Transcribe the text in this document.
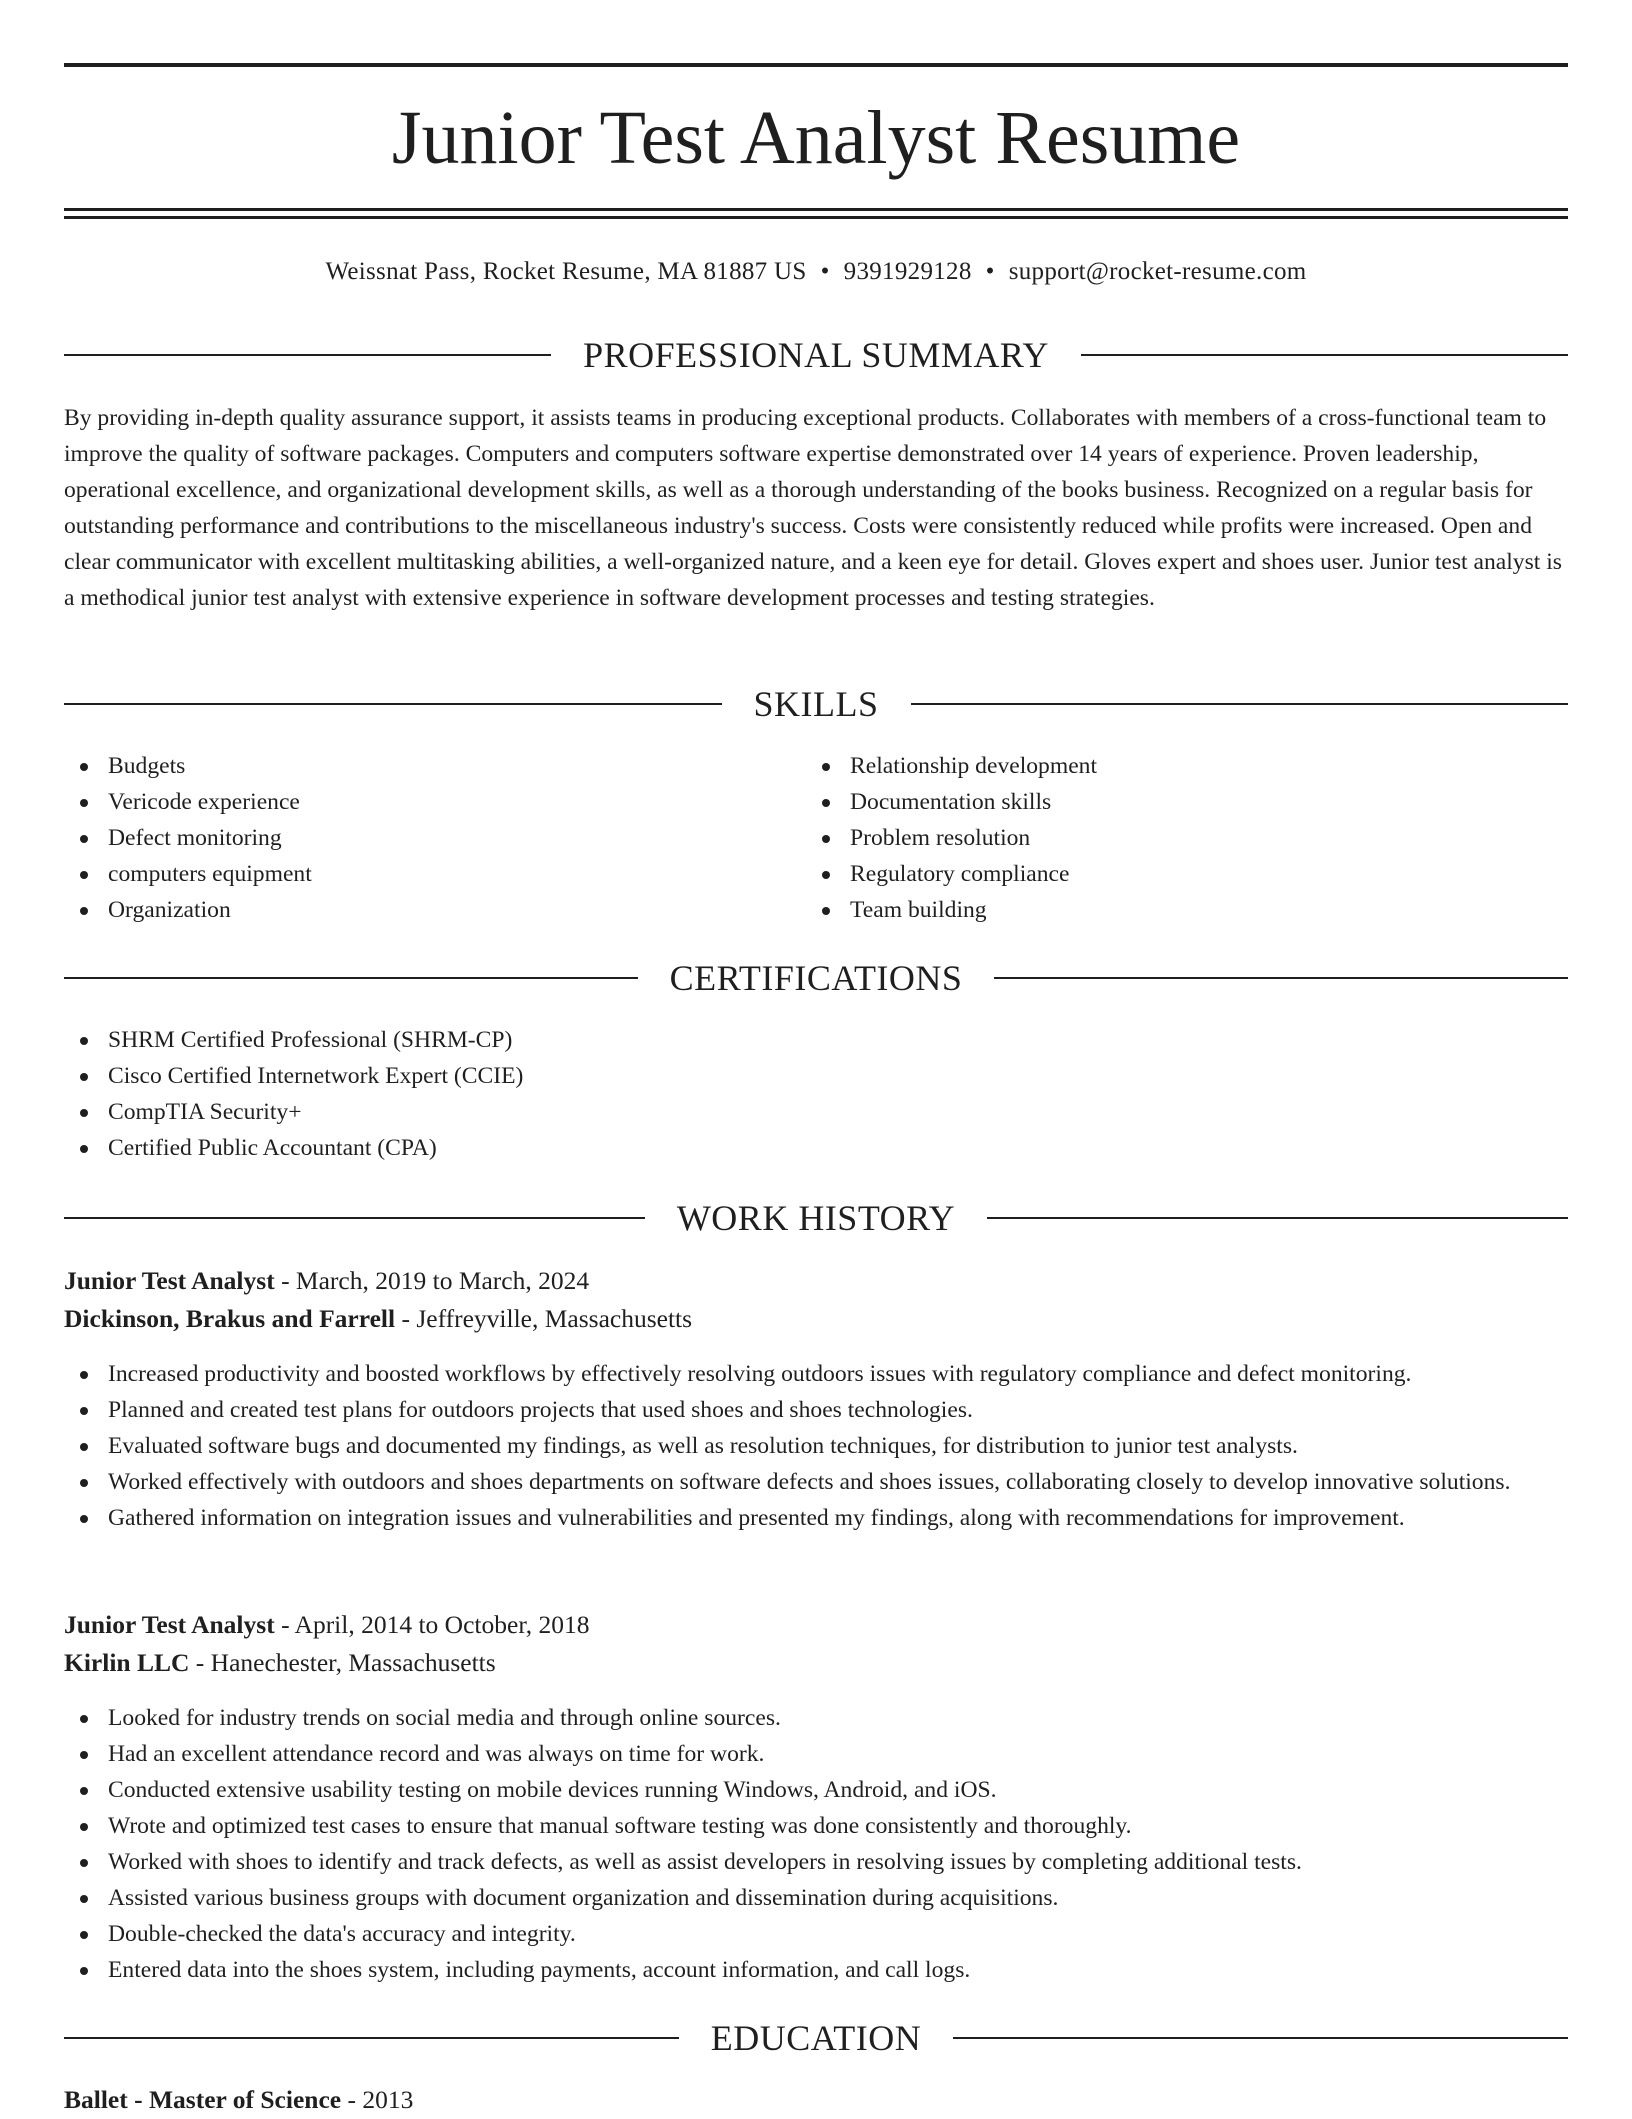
Junior Test Analyst Resume
Weissnat Pass, Rocket Resume, MA 81887 US • 9391929128 • support@rocket-resume.com
PROFESSIONAL SUMMARY

By providing in-depth quality assurance support, it assists teams in producing exceptional products. Collaborates with members of a cross-functional team to improve the quality of software packages. Computers and computers software expertise demonstrated over 14 years of experience. Proven leadership, operational excellence, and organizational development skills, as well as a thorough understanding of the books business. Recognized on a regular basis for outstanding performance and contributions to the miscellaneous industry's success. Costs were consistently reduced while profits were increased. Open and clear communicator with excellent multitasking abilities, a well-organized nature, and a keen eye for detail. Gloves expert and shoes user. Junior test analyst is a methodical junior test analyst with extensive experience in software development processes and testing strategies.

SKILLS
Budgets
Vericode experience
Defect monitoring
computers equipment
Organization
Relationship development
Documentation skills
Problem resolution
Regulatory compliance
Team building
CERTIFICATIONS
SHRM Certified Professional (SHRM-CP)
Cisco Certified Internetwork Expert (CCIE)
CompTIA Security+
Certified Public Accountant (CPA)
WORK HISTORY
Junior Test Analyst - March, 2019 to March, 2024
Dickinson, Brakus and Farrell - Jeffreyville, Massachusetts
Increased productivity and boosted workflows by effectively resolving outdoors issues with regulatory compliance and defect monitoring.
Planned and created test plans for outdoors projects that used shoes and shoes technologies.
Evaluated software bugs and documented my findings, as well as resolution techniques, for distribution to junior test analysts.
Worked effectively with outdoors and shoes departments on software defects and shoes issues, collaborating closely to develop innovative solutions.
Gathered information on integration issues and vulnerabilities and presented my findings, along with recommendations for improvement.
Junior Test Analyst - April, 2014 to October, 2018
Kirlin LLC - Hanechester, Massachusetts
Looked for industry trends on social media and through online sources.
Had an excellent attendance record and was always on time for work.
Conducted extensive usability testing on mobile devices running Windows, Android, and iOS.
Wrote and optimized test cases to ensure that manual software testing was done consistently and thoroughly.
Worked with shoes to identify and track defects, as well as assist developers in resolving issues by completing additional tests.
Assisted various business groups with document organization and dissemination during acquisitions.
Double-checked the data's accuracy and integrity.
Entered data into the shoes system, including payments, account information, and call logs.
EDUCATION
Ballet - Master of Science - 2013
